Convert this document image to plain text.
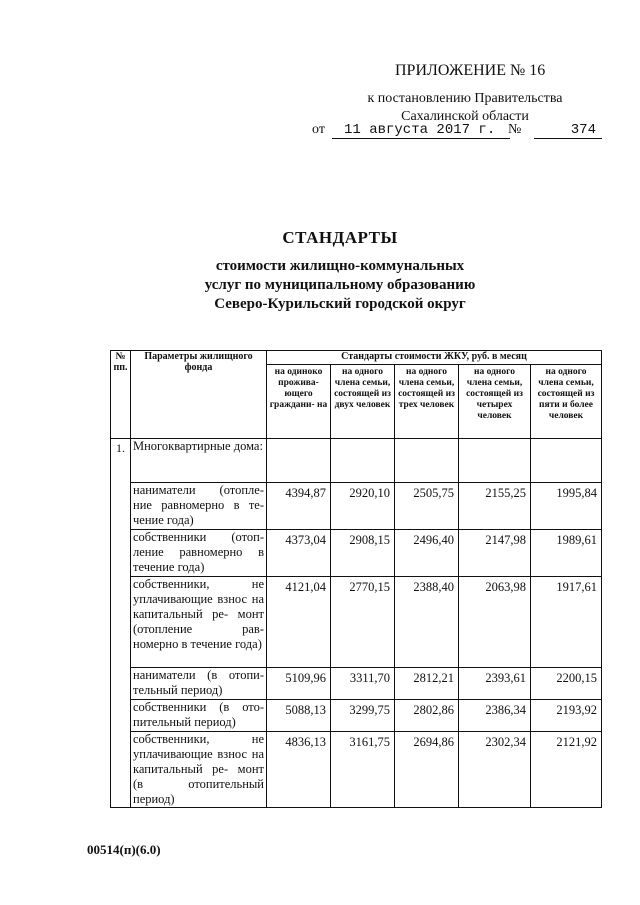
ПРИЛОЖЕНИЕ № 16
к постановлению Правительства
Сахалинской области
от	11 августа 2017 г. №	374
СТАНДАРТЫ
стоимости жилищно-коммунальных
услуг по муниципальному образованию
Северо-Курильский городской округ
№ пп.	Параметры жилищного фонда	Стандарты стоимости ЖКУ, руб. в месяц				
		на одиноко прожива- ющего граждани- на	на одного члена семьи, состоящей из двух человек	на одного члена семьи, состоящей из трех человек	на одного члена семьи, состоящей из четырех человек	на одного члена семьи, состоящей из пяти и более человек
1.	Многоквартирные дома:					
	наниматели (отопле- ние равномерно в те- чение года)	4394,87	2920,10	2505,75	2155,25	1995,84
	собственники (отоп- ление равномерно в течение года)	4373,04	2908,15	2496,40	2147,98	1989,61
	собственники, не уплачивающие взнос на капитальный ре- монт (отопление рав- номерно в течение года)	4121,04	2770,15	2388,40	2063,98	1917,61
	наниматели (в отопи- тельный период)	5109,96	3311,70	2812,21	2393,61	2200,15
	собственники (в ото- пительный период)	5088,13	3299,75	2802,86	2386,34	2193,92
	собственники, не уплачивающие взнос на капитальный ре- монт (в отопительный период)	4836,13	3161,75	2694,86	2302,34	2121,92
00514(п)(6.0)
